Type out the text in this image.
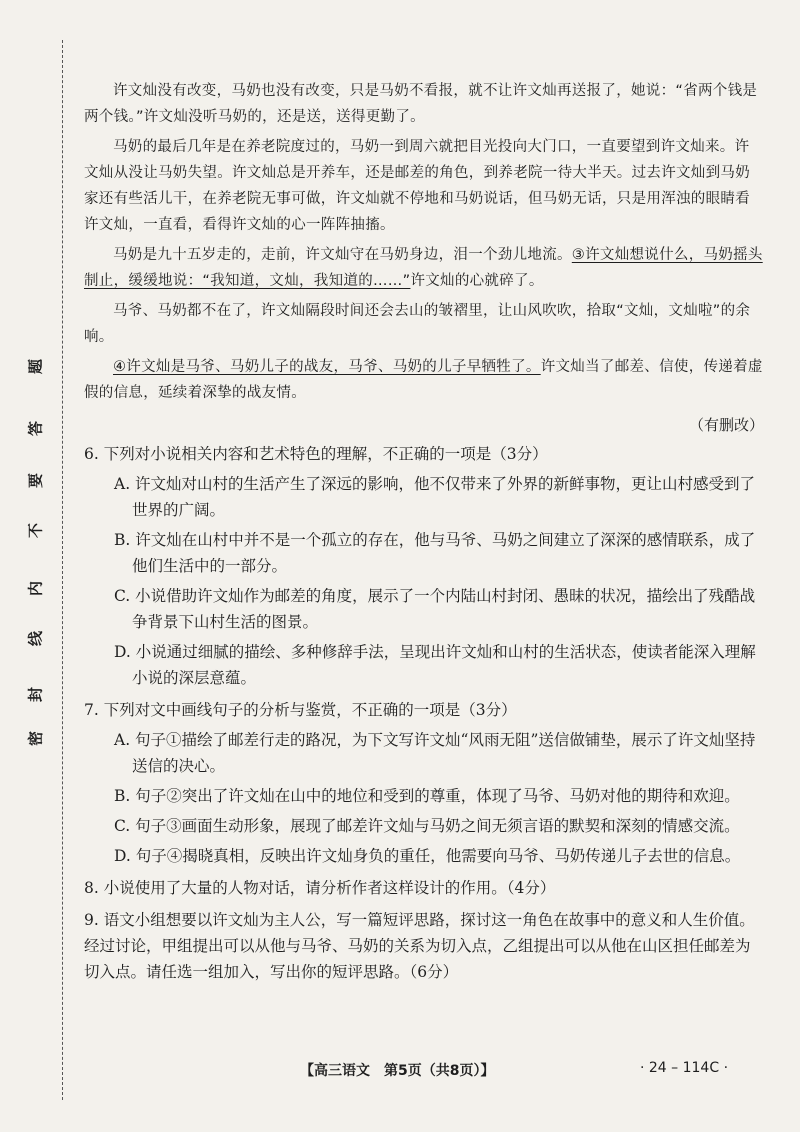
密
封
线
内
不
要
答
题

许文灿没有改变，马奶也没有改变，只是马奶不看报，就不让许文灿再送报了，她说：“省两个钱是两个钱。”许文灿没听马奶的，还是送，送得更勤了。

马奶的最后几年是在养老院度过的，马奶一到周六就把目光投向大门口，一直要望到许文灿来。许文灿从没让马奶失望。许文灿总是开养车，还是邮差的角色，到养老院一待大半天。过去许文灿到马奶家还有些活儿干，在养老院无事可做，许文灿就不停地和马奶说话，但马奶无话，只是用浑浊的眼睛看许文灿，一直看，看得许文灿的心一阵阵抽搐。

马奶是九十五岁走的，走前，许文灿守在马奶身边，泪一个劲儿地流。③许文灿想说什么，马奶摇头制止，缓缓地说：“我知道，文灿，我知道的……”许文灿的心就碎了。

马爷、马奶都不在了，许文灿隔段时间还会去山的皱褶里，让山风吹吹，拾取“文灿，文灿啦”的余响。

④许文灿是马爷、马奶儿子的战友，马爷、马奶的儿子早牺牲了。许文灿当了邮差、信使，传递着虚假的信息，延续着深挚的战友情。

（有删改）
6. 下列对小说相关内容和艺术特色的理解，不正确的一项是（3分）
A. 许文灿对山村的生活产生了深远的影响，他不仅带来了外界的新鲜事物，更让山村感受到了世界的广阔。
B. 许文灿在山村中并不是一个孤立的存在，他与马爷、马奶之间建立了深深的感情联系，成了他们生活中的一部分。
C. 小说借助许文灿作为邮差的角度，展示了一个内陆山村封闭、愚昧的状况，描绘出了残酷战争背景下山村生活的图景。
D. 小说通过细腻的描绘、多种修辞手法，呈现出许文灿和山村的生活状态，使读者能深入理解小说的深层意蕴。
7. 下列对文中画线句子的分析与鉴赏，不正确的一项是（3分）
A. 句子①描绘了邮差行走的路况，为下文写许文灿“风雨无阻”送信做铺垫，展示了许文灿坚持送信的决心。
B. 句子②突出了许文灿在山中的地位和受到的尊重，体现了马爷、马奶对他的期待和欢迎。
C. 句子③画面生动形象，展现了邮差许文灿与马奶之间无须言语的默契和深刻的情感交流。
D. 句子④揭晓真相，反映出许文灿身负的重任，他需要向马爷、马奶传递儿子去世的信息。
8. 小说使用了大量的人物对话，请分析作者这样设计的作用。（4分）
9. 语文小组想要以许文灿为主人公，写一篇短评思路，探讨这一角色在故事中的意义和人生价值。经过讨论，甲组提出可以从他与马爷、马奶的关系为切入点，乙组提出可以从他在山区担任邮差为切入点。请任选一组加入，写出你的短评思路。（6分）
【高三语文　第5页（共8页）】	· 24 – 114C ·
